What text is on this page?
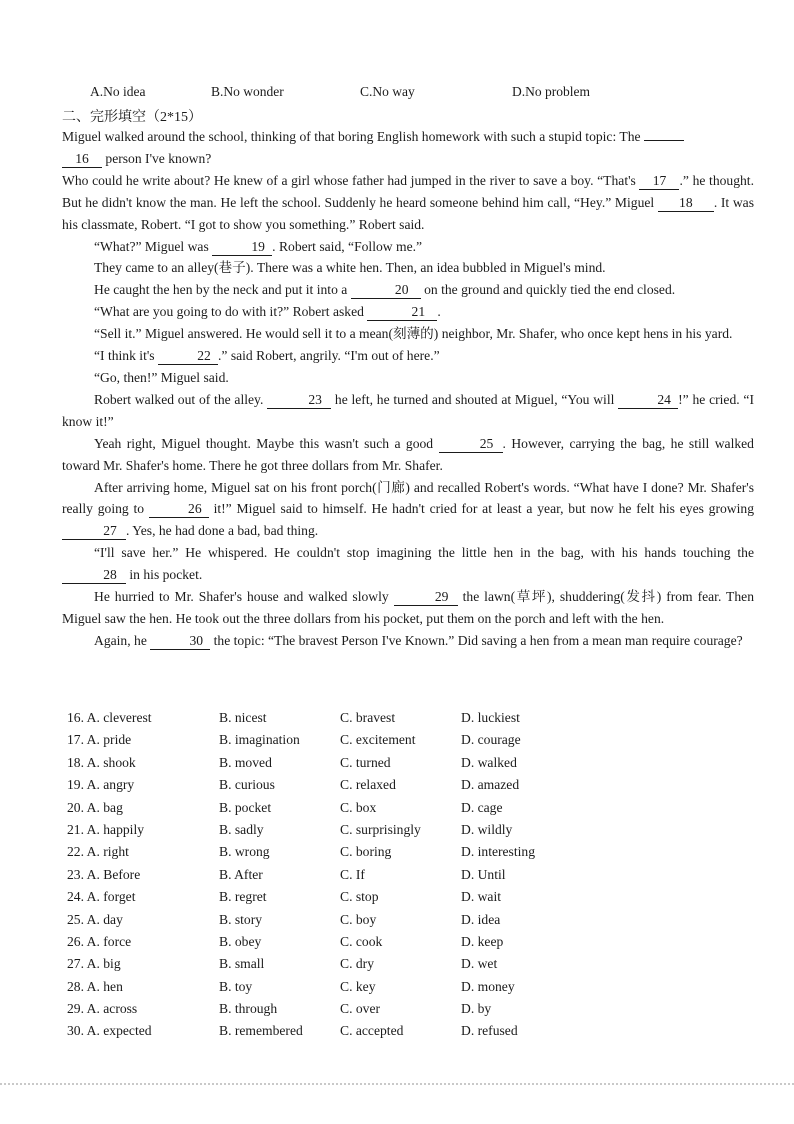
A.No idea	B.No wonder	C.No way	D.No problem
二、完形填空（2*15）

Miguel walked around the school, thinking of that boring English homework with such a stupid topic: The
16 person I've known?

Who could he write about? He knew of a girl whose father had jumped in the river to save a boy. “That's 17 .” he thought. But he didn't know the man. He left the school. Suddenly he heard someone behind him call, “Hey.” Miguel 18 . It was his classmate, Robert. “I got to show you something.” Robert said.

“What?” Miguel was	19 . Robert said, “Follow me.”

They came to an alley(巷子). There was a white hen. Then, an idea bubbled in Miguel's mind.

He caught the hen by the neck and put it into a	20 on the ground and quickly tied the end closed.

“What are you going to do with it?” Robert asked	21 .

“Sell it.” Miguel answered. He would sell it to a mean(刻薄的) neighbor, Mr. Shafer, who once kept hens in his yard.

“I think it's	22 .” said Robert, angrily. “I'm out of here.”

“Go, then!” Miguel said.

Robert walked out of the alley.	23 he left, he turned and shouted at Miguel, “You will	24 !” he cried. “I know it!”

Yeah right, Miguel thought. Maybe this wasn't such a good	25 . However, carrying the bag, he still walked toward Mr. Shafer's home. There he got three dollars from Mr. Shafer.

After arriving home, Miguel sat on his front porch(门廊) and recalled Robert's words. “What have I done? Mr. Shafer's really going to	26 it!” Miguel said to himself. He hadn't cried for at least a year, but now he felt his eyes growing 27 . Yes, he had done a bad, bad thing.

“I'll save her.” He whispered. He couldn't stop imagining the little hen in the bag, with his hands touching the 28 in his pocket.

He hurried to Mr. Shafer's house and walked slowly	29 the lawn(草坪), shuddering(发抖) from fear. Then Miguel saw the hen. He took out the three dollars from his pocket, put them on the porch and left with the hen.

Again, he	30 the topic: “The bravest Person I've Known.” Did saving a hen from a mean man require courage?

16. A. cleverest	B. nicest	C. bravest	D. luckiest
17. A. pride	B. imagination	C. excitement	D. courage
18. A. shook	B. moved	C. turned	D. walked
19. A. angry	B. curious	C. relaxed	D. amazed
20. A. bag	B. pocket	C. box	D. cage
21. A. happily	B. sadly	C. surprisingly	D. wildly
22. A. right	B. wrong	C. boring	D. interesting
23. A. Before	B. After	C. If	D. Until
24. A. forget	B. regret	C. stop	D. wait
25. A. day	B. story	C. boy	D. idea
26. A. force	B. obey	C. cook	D. keep
27. A. big	B. small	C. dry	D. wet
28. A. hen	B. toy	C. key	D. money
29. A. across	B. through	C. over	D. by
30. A. expected	B. remembered	C. accepted	D. refused
